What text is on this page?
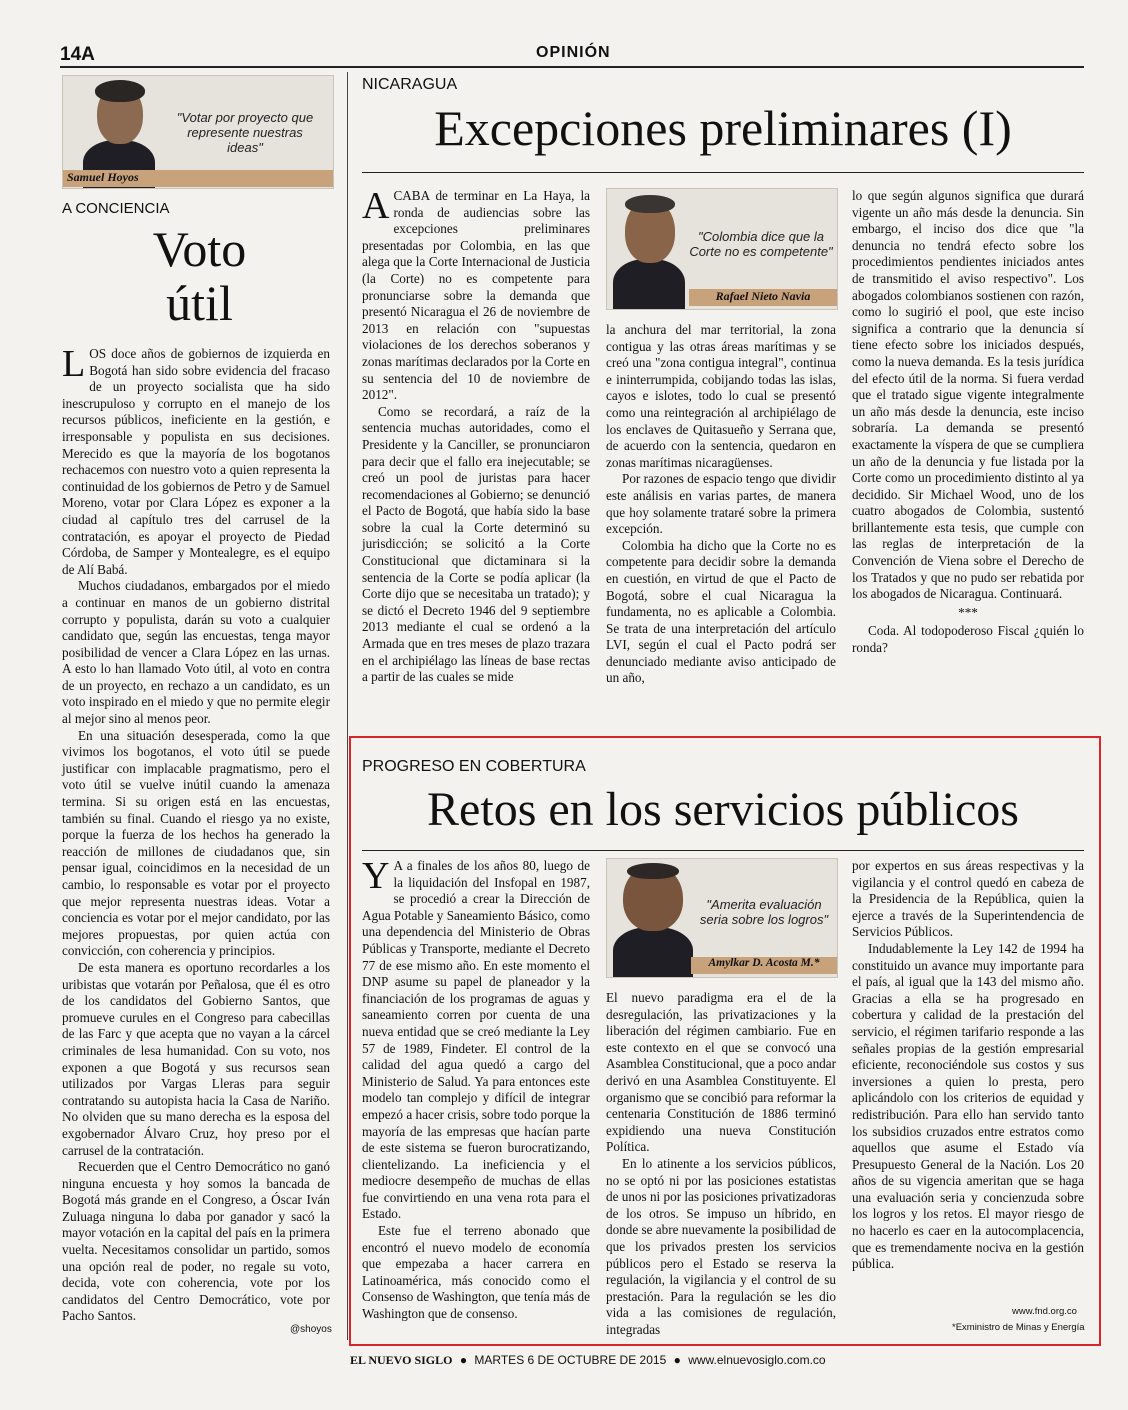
14A	OPINIÓN
"Votar por proyecto que represente nuestras ideas"
Samuel Hoyos
A CONCIENCIA
Voto
útil

LOS doce años de gobiernos de izquierda en Bogotá han sido sobre evidencia del fracaso de un proyecto socialista que ha sido inescrupuloso y corrupto en el manejo de los recursos públicos, ineficiente en la gestión, e irresponsable y populista en sus decisiones. Merecido es que la mayoría de los bogotanos rechacemos con nuestro voto a quien representa la continuidad de los gobiernos de Petro y de Samuel Moreno, votar por Clara López es exponer a la ciudad al capítulo tres del carrusel de la contratación, es apoyar el proyecto de Piedad Córdoba, de Samper y Montealegre, es el equipo de Alí Babá.

Muchos ciudadanos, embargados por el miedo a continuar en manos de un gobierno distrital corrupto y populista, darán su voto a cualquier candidato que, según las encuestas, tenga mayor posibilidad de vencer a Clara López en las urnas. A esto lo han llamado Voto útil, al voto en contra de un proyecto, en rechazo a un candidato, es un voto inspirado en el miedo y que no permite elegir al mejor sino al menos peor.

En una situación desesperada, como la que vivimos los bogotanos, el voto útil se puede justificar con implacable pragmatismo, pero el voto útil se vuelve inútil cuando la amenaza termina. Si su origen está en las encuestas, también su final. Cuando el riesgo ya no existe, porque la fuerza de los hechos ha generado la reacción de millones de ciudadanos que, sin pensar igual, coincidimos en la necesidad de un cambio, lo responsable es votar por el proyecto que mejor representa nuestras ideas. Votar a conciencia es votar por el mejor candidato, por las mejores propuestas, por quien actúa con convicción, con coherencia y principios.

De esta manera es oportuno recordarles a los uribistas que votarán por Peñalosa, que él es otro de los candidatos del Gobierno Santos, que promueve curules en el Congreso para cabecillas de las Farc y que acepta que no vayan a la cárcel criminales de lesa humanidad. Con su voto, nos exponen a que Bogotá y sus recursos sean utilizados por Vargas Lleras para seguir contratando su autopista hacia la Casa de Nariño. No olviden que su mano derecha es la esposa del exgobernador Álvaro Cruz, hoy preso por el carrusel de la contratación.

Recuerden que el Centro Democrático no ganó ninguna encuesta y hoy somos la bancada de Bogotá más grande en el Congreso, a Óscar Iván Zuluaga ninguna lo daba por ganador y sacó la mayor votación en la capital del país en la primera vuelta. Necesitamos consolidar un partido, somos una opción real de poder, no regale su voto, decida, vote con coherencia, vote por los candidatos del Centro Democrático, vote por Pacho Santos.

@shoyos
NICARAGUA
Excepciones preliminares (I)

ACABA de terminar en La Haya, la ronda de audiencias sobre las excepciones preliminares presentadas por Colombia, en las que alega que la Corte Internacional de Justicia (la Corte) no es competente para pronunciarse sobre la demanda que presentó Nicaragua el 26 de noviembre de 2013 en relación con "supuestas violaciones de los derechos soberanos y zonas marítimas declarados por la Corte en su sentencia del 10 de noviembre de 2012".

Como se recordará, a raíz de la sentencia muchas autoridades, como el Presidente y la Canciller, se pronunciaron para decir que el fallo era inejecutable; se creó un pool de juristas para hacer recomendaciones al Gobierno; se denunció el Pacto de Bogotá, que había sido la base sobre la cual la Corte determinó su jurisdicción; se solicitó a la Corte Constitucional que dictaminara si la sentencia de la Corte se podía aplicar (la Corte dijo que se necesitaba un tratado); y se dictó el Decreto 1946 del 9 septiembre 2013 mediante el cual se ordenó a la Armada que en tres meses de plazo trazara en el archipiélago las líneas de base rectas a partir de las cuales se mide

"Colombia dice que la Corte no es competente"
Rafael Nieto Navia

la anchura del mar territorial, la zona contigua y las otras áreas marítimas y se creó una "zona contigua integral", continua e ininterrumpida, cobijando todas las islas, cayos e islotes, todo lo cual se presentó como una reintegración al archipiélago de los enclaves de Quitasueño y Serrana que, de acuerdo con la sentencia, quedaron en zonas marítimas nicaragüenses.

Por razones de espacio tengo que dividir este análisis en varias partes, de manera que hoy solamente trataré sobre la primera excepción.

Colombia ha dicho que la Corte no es competente para decidir sobre la demanda en cuestión, en virtud de que el Pacto de Bogotá, sobre el cual Nicaragua la fundamenta, no es aplicable a Colombia. Se trata de una interpretación del artículo LVI, según el cual el Pacto podrá ser denunciado mediante aviso anticipado de un año,

lo que según algunos significa que durará vigente un año más desde la denuncia. Sin embargo, el inciso dos dice que "la denuncia no tendrá efecto sobre los procedimientos pendientes iniciados antes de transmitido el aviso respectivo". Los abogados colombianos sostienen con razón, como lo sugirió el pool, que este inciso significa a contrario que la denuncia sí tiene efecto sobre los iniciados después, como la nueva demanda. Es la tesis jurídica del efecto útil de la norma. Si fuera verdad que el tratado sigue vigente integralmente un año más desde la denuncia, este inciso sobraría. La demanda se presentó exactamente la víspera de que se cumpliera un año de la denuncia y fue listada por la Corte como un procedimiento distinto al ya decidido. Sir Michael Wood, uno de los cuatro abogados de Colombia, sustentó brillantemente esta tesis, que cumple con las reglas de interpretación de la Convención de Viena sobre el Derecho de los Tratados y que no pudo ser rebatida por los abogados de Nicaragua. Continuará.

***

Coda. Al todopoderoso Fiscal ¿quién lo ronda?

PROGRESO EN COBERTURA
Retos en los servicios públicos

Y A a finales de los años 80, luego de la liquidación del Insfopal en 1987, se procedió a crear la Dirección de Agua Potable y Saneamiento Básico, como una dependencia del Ministerio de Obras Públicas y Transporte, mediante el Decreto 77 de ese mismo año. En este momento el DNP asume su papel de planeador y la financiación de los programas de aguas y saneamiento corren por cuenta de una nueva entidad que se creó mediante la Ley 57 de 1989, Findeter. El control de la calidad del agua quedó a cargo del Ministerio de Salud. Ya para entonces este modelo tan complejo y difícil de integrar empezó a hacer crisis, sobre todo porque la mayoría de las empresas que hacían parte de este sistema se fueron burocratizando, clientelizando. La ineficiencia y el mediocre desempeño de muchas de ellas fue convirtiendo en una vena rota para el Estado.

Este fue el terreno abonado que encontró el nuevo modelo de economía que empezaba a hacer carrera en Latinoamérica, más conocido como el Consenso de Washington, que tenía más de Washington que de consenso.

"Amerita evaluación seria sobre los logros"
Amylkar D. Acosta M.*

El nuevo paradigma era el de la desregulación, las privatizaciones y la liberación del régimen cambiario. Fue en este contexto en el que se convocó una Asamblea Constitucional, que a poco andar derivó en una Asamblea Constituyente. El organismo que se concibió para reformar la centenaria Constitución de 1886 terminó expidiendo una nueva Constitución Política.

En lo atinente a los servicios públicos, no se optó ni por las posiciones estatistas de unos ni por las posiciones privatizadoras de los otros. Se impuso un híbrido, en donde se abre nuevamente la posibilidad de que los privados presten los servicios públicos pero el Estado se reserva la regulación, la vigilancia y el control de su prestación. Para la regulación se les dio vida a las comisiones de regulación, integradas

por expertos en sus áreas respectivas y la vigilancia y el control quedó en cabeza de la Presidencia de la República, quien la ejerce a través de la Superintendencia de Servicios Públicos.

Indudablemente la Ley 142 de 1994 ha constituido un avance muy importante para el país, al igual que la 143 del mismo año. Gracias a ella se ha progresado en cobertura y calidad de la prestación del servicio, el régimen tarifario responde a las señales propias de la gestión empresarial eficiente, reconociéndole sus costos y sus inversiones a quien lo presta, pero aplicándolo con los criterios de equidad y redistribución. Para ello han servido tanto los subsidios cruzados entre estratos como aquellos que asume el Estado vía Presupuesto General de la Nación. Los 20 años de su vigencia ameritan que se haga una evaluación seria y concienzuda sobre los logros y los retos. El mayor riesgo de no hacerlo es caer en la autocomplacencia, que es tremendamente nociva en la gestión pública.

www.fnd.org.co
*Exministro de Minas y Energía
EL NUEVO SIGLO ● MARTES 6 DE OCTUBRE DE 2015 ● www.elnuevosiglo.com.co
